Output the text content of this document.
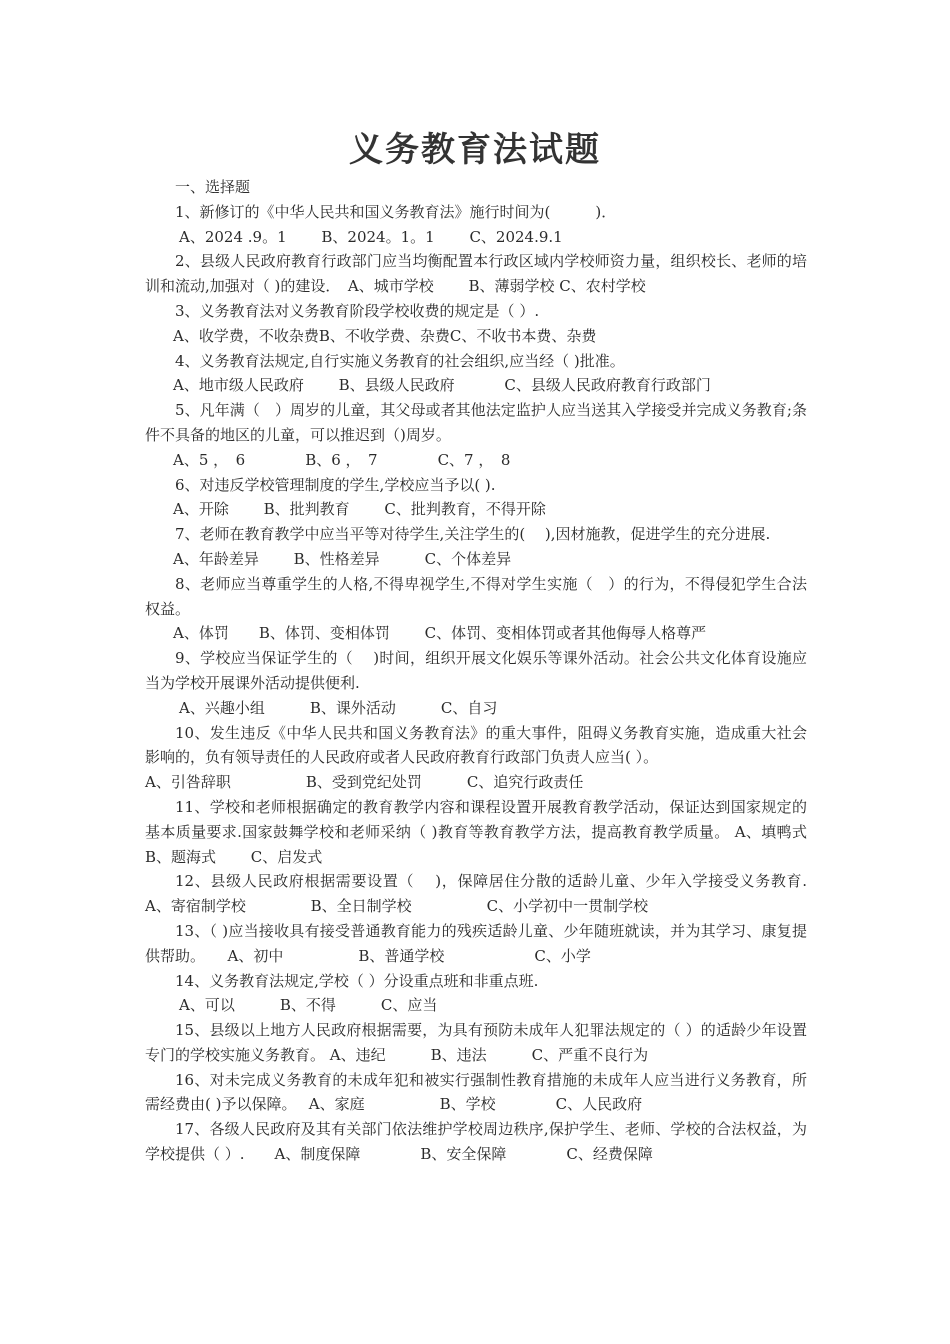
义务教育法试题

一、选择题

1、新修订的《中华人民共和国义务教育法》施行时间为(　　　)．

A、2024 .9。1　　 B、2024。1。1　　 C、2024.9.1

2、县级人民政府教育行政部门应当均衡配置本行政区域内学校师资力量，组织校长、老师的培训和流动,加强对（ )的建设．　A、城市学校　　 B、薄弱学校 C、农村学校

3、义务教育法对义务教育阶段学校收费的规定是（ ）.

A、收学费，不收杂费B、不收学费、杂费C、不收书本费、杂费

4、义务教育法规定,自行实施义务教育的社会组织,应当经（ )批准。

A、地市级人民政府　　 B、县级人民政府　　　 C、县级人民政府教育行政部门

5、凡年满（　）周岁的儿童，其父母或者其他法定监护人应当送其入学接受并完成义务教育;条件不具备的地区的儿童，可以推迟到（)周岁。

A、5 ，　6　　　　B、6 ，　7　　　　C、7 ，　8

6、对违反学校管理制度的学生,学校应当予以( ).

A、开除　　 B、批判教育　　 C、批判教育，不得开除

7、老师在教育教学中应当平等对待学生,关注学生的(　 ),因材施教，促进学生的充分进展.

A、年龄差异　　 B、性格差异　　　C、个体差异

8、老师应当尊重学生的人格,不得卑视学生,不得对学生实施（　）的行为，不得侵犯学生合法权益。

A、体罚　　B、体罚、变相体罚　　 C、体罚、变相体罚或者其他侮辱人格尊严

9、学校应当保证学生的（　 )时间，组织开展文化娱乐等课外活动。社会公共文化体育设施应当为学校开展课外活动提供便利.

A、兴趣小组　　　B、课外活动　　　C、自习

10、发生违反《中华人民共和国义务教育法》的重大事件，阻碍义务教育实施，造成重大社会影响的，负有领导责任的人民政府或者人民政府教育行政部门负责人应当( ）。

A、引咎辞职　　　　　B、受到党纪处罚　　　C、追究行政责任

11、学校和老师根据确定的教育教学内容和课程设置开展教育教学活动，保证达到国家规定的基本质量要求.国家鼓舞学校和老师采纳（ )教育等教育教学方法，提高教育教学质量。 A、填鸭式　　 B、题海式　　 C、启发式

12、县级人民政府根据需要设置（　 )，保障居住分散的适龄儿童、少年入学接受义务教育.　A、寄宿制学校　　　　 B、全日制学校　　　　　C、小学初中一贯制学校

13、（ )应当接收具有接受普通教育能力的残疾适龄儿童、少年随班就读，并为其学习、康复提供帮助。　　A、初中　　　　　B、普通学校　　　　　　C、小学

14、义务教育法规定,学校（ ）分设重点班和非重点班.

A、可以　　　B、不得　　　C、应当

15、县级以上地方人民政府根据需要，为具有预防未成年人犯罪法规定的（ ）的适龄少年设置专门的学校实施义务教育。 A、违纪　　　B、违法　　　C、严重不良行为

16、对未完成义务教育的未成年犯和被实行强制性教育措施的未成年人应当进行义务教育，所需经费由( )予以保障。　 A、家庭　　　　　B、学校　　　　C、人民政府

17、各级人民政府及其有关部门依法维护学校周边秩序,保护学生、老师、学校的合法权益，为学校提供（ ）.　　A、制度保障　　　　B、安全保障　　　　C、经费保障
